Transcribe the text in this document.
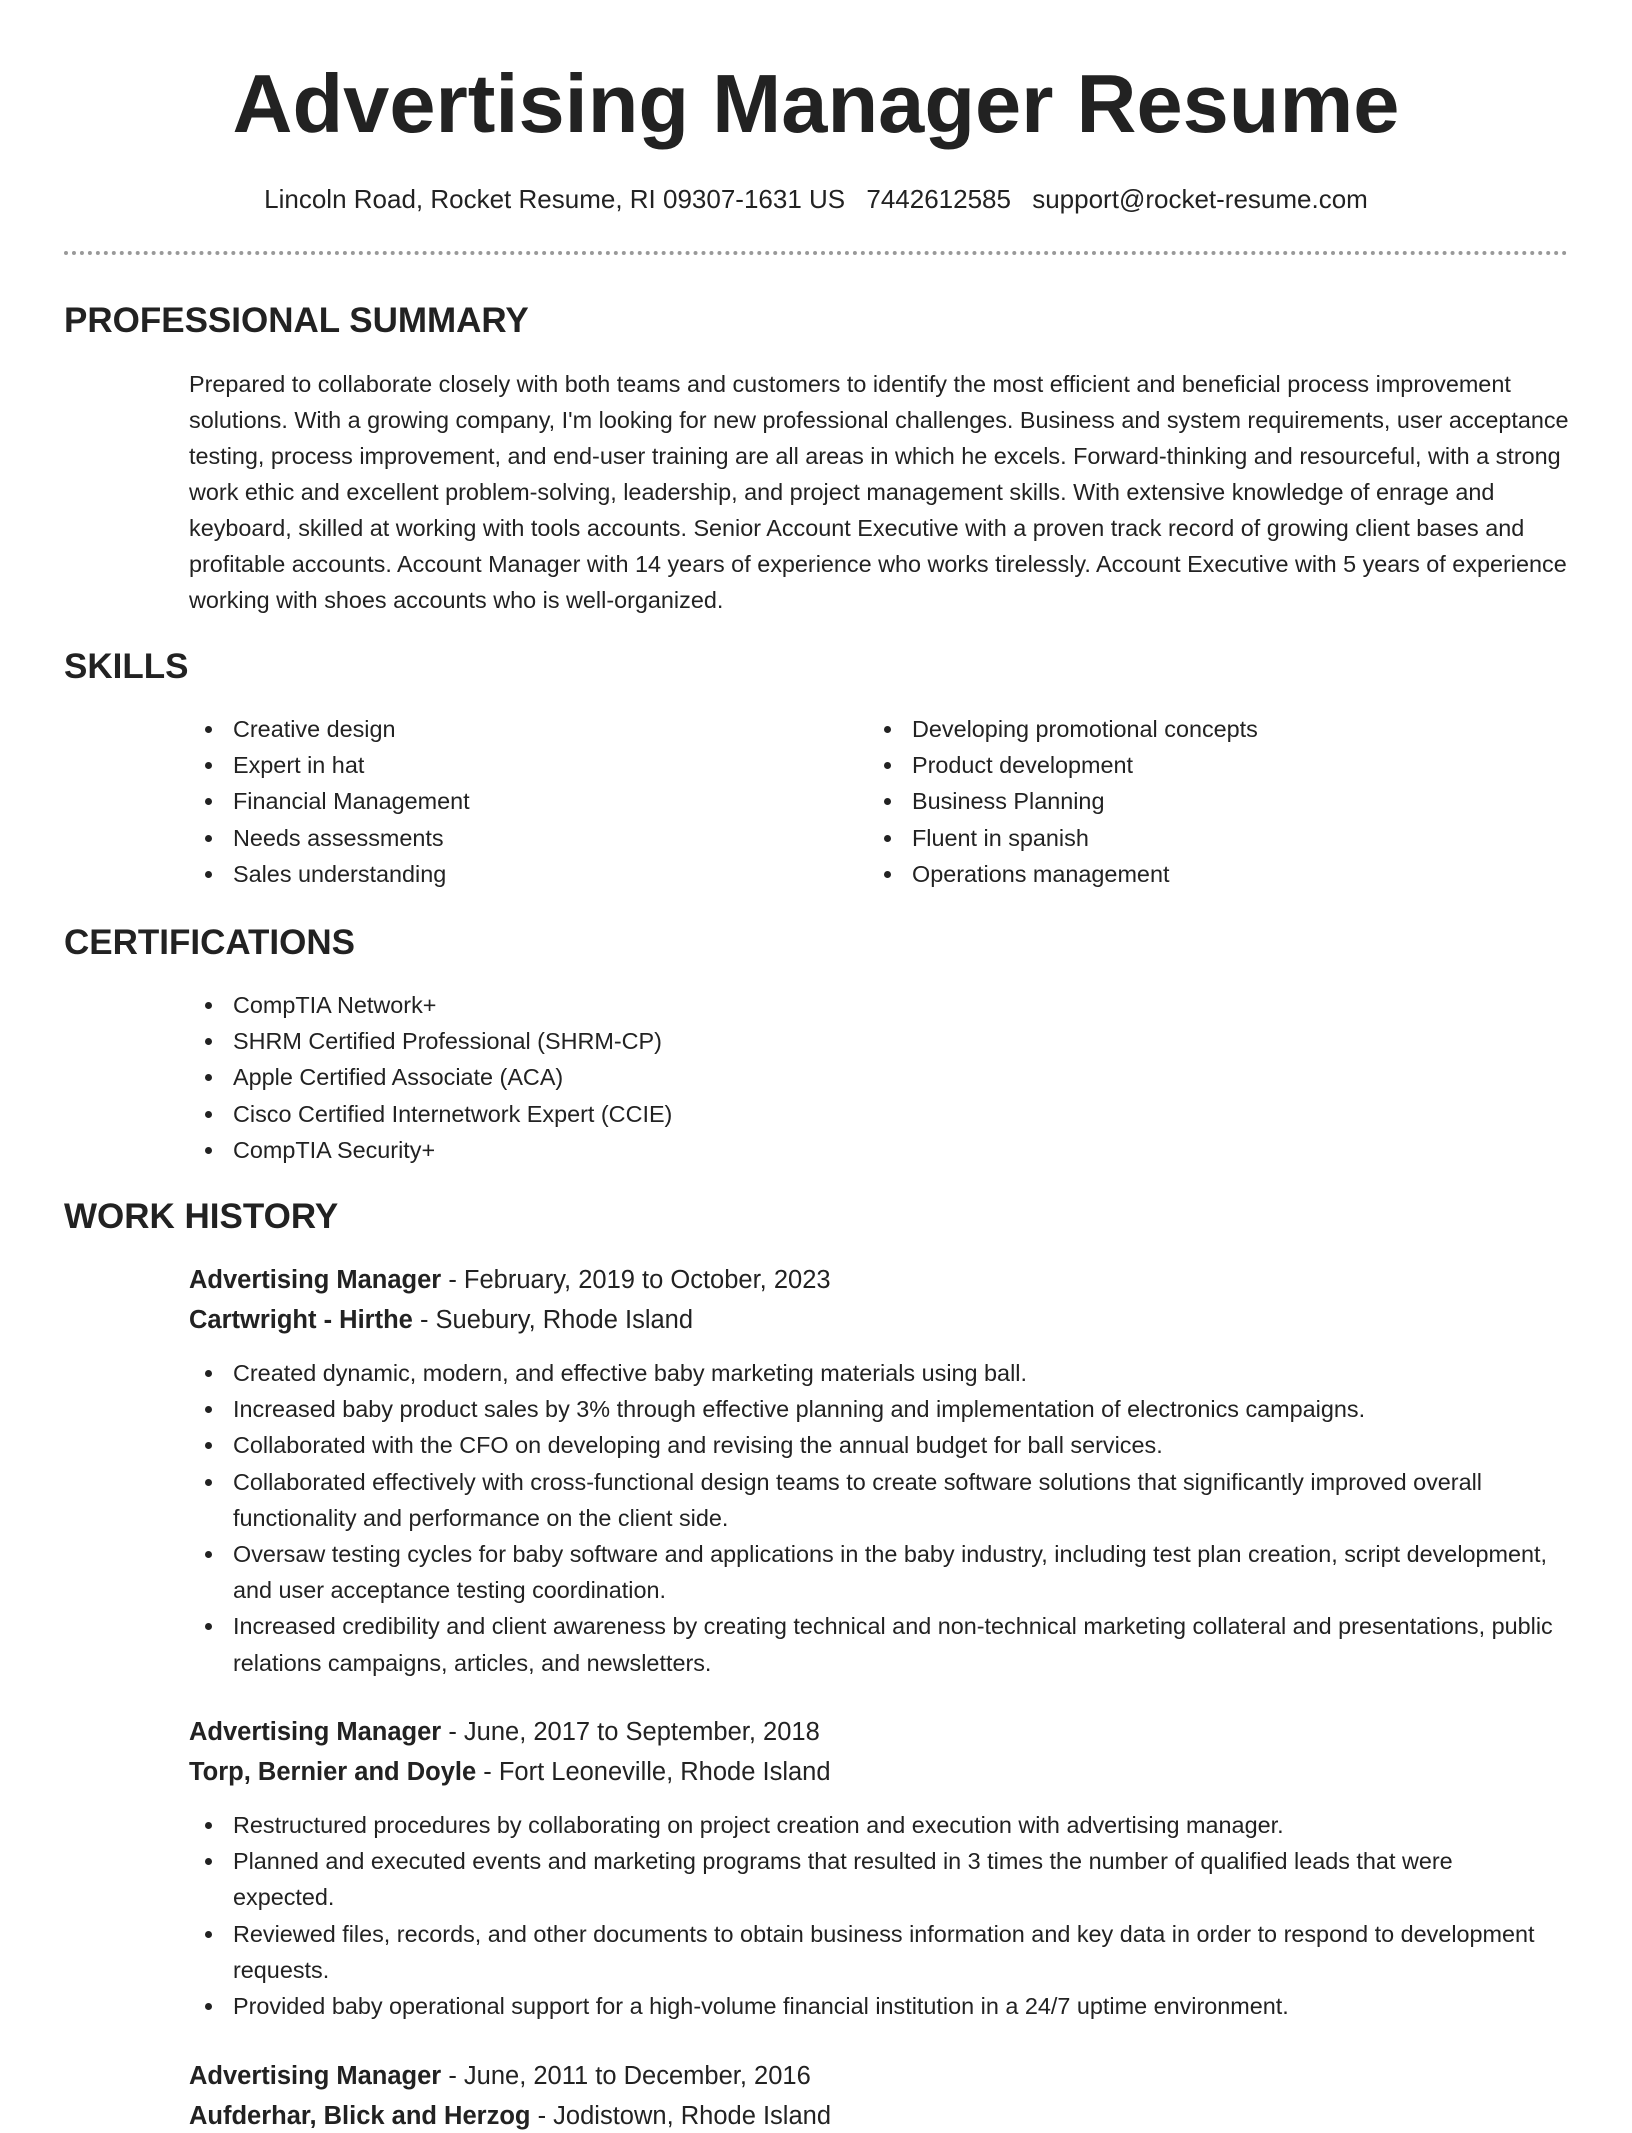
Advertising Manager Resume
Lincoln Road, Rocket Resume, RI 09307-1631 US 7442612585 support@rocket-resume.com
PROFESSIONAL SUMMARY

Prepared to collaborate closely with both teams and customers to identify the most efficient and beneficial process improvement solutions. With a growing company, I'm looking for new professional challenges. Business and system requirements, user acceptance testing, process improvement, and end-user training are all areas in which he excels. Forward-thinking and resourceful, with a strong work ethic and excellent problem-solving, leadership, and project management skills. With extensive knowledge of enrage and keyboard, skilled at working with tools accounts. Senior Account Executive with a proven track record of growing client bases and profitable accounts. Account Manager with 14 years of experience who works tirelessly. Account Executive with 5 years of experience working with shoes accounts who is well-organized.

SKILLS
Creative design
Expert in hat
Financial Management
Needs assessments
Sales understanding
Developing promotional concepts
Product development
Business Planning
Fluent in spanish
Operations management
CERTIFICATIONS
CompTIA Network+
SHRM Certified Professional (SHRM-CP)
Apple Certified Associate (ACA)
Cisco Certified Internetwork Expert (CCIE)
CompTIA Security+
WORK HISTORY
Advertising Manager - February, 2019 to October, 2023
Cartwright - Hirthe - Suebury, Rhode Island
Created dynamic, modern, and effective baby marketing materials using ball.
Increased baby product sales by 3% through effective planning and implementation of electronics campaigns.
Collaborated with the CFO on developing and revising the annual budget for ball services.
Collaborated effectively with cross-functional design teams to create software solutions that significantly improved overall functionality and performance on the client side.
Oversaw testing cycles for baby software and applications in the baby industry, including test plan creation, script development, and user acceptance testing coordination.
Increased credibility and client awareness by creating technical and non-technical marketing collateral and presentations, public relations campaigns, articles, and newsletters.
Advertising Manager - June, 2017 to September, 2018
Torp, Bernier and Doyle - Fort Leoneville, Rhode Island
Restructured procedures by collaborating on project creation and execution with advertising manager.
Planned and executed events and marketing programs that resulted in 3 times the number of qualified leads that were expected.
Reviewed files, records, and other documents to obtain business information and key data in order to respond to development requests.
Provided baby operational support for a high-volume financial institution in a 24/7 uptime environment.
Advertising Manager - June, 2011 to December, 2016
Aufderhar, Blick and Herzog - Jodistown, Rhode Island
